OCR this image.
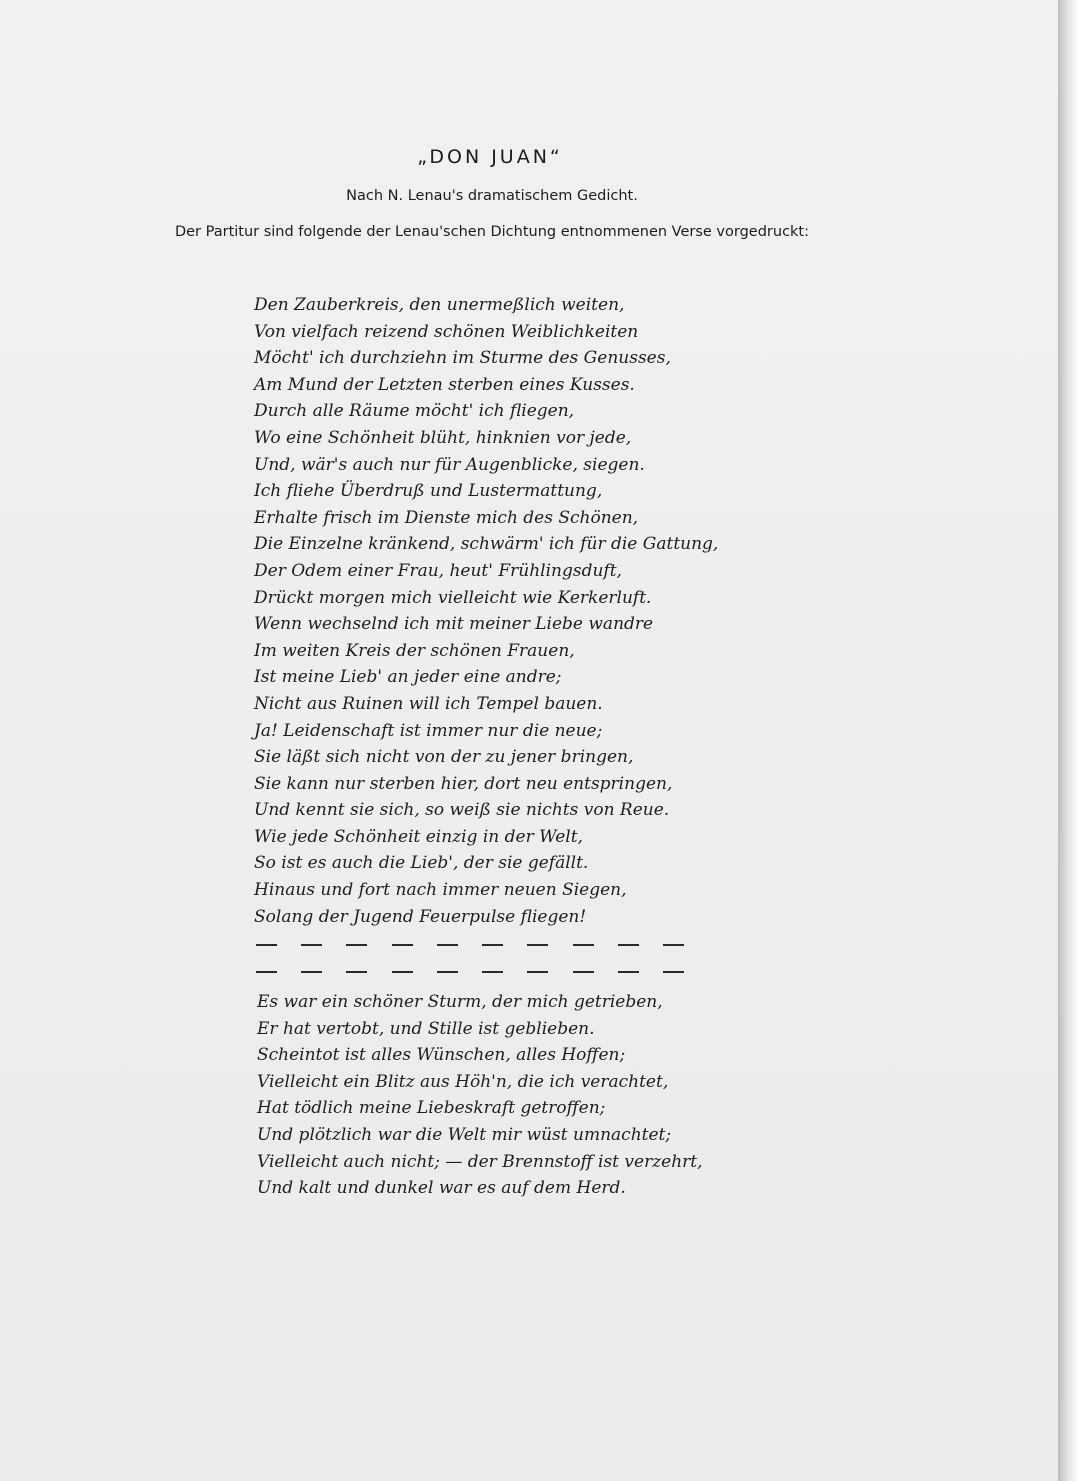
„DON JUAN“
Nach N. Lenau's dramatischem Gedicht.
Der Partitur sind folgende der Lenau'schen Dichtung entnommenen Verse vorgedruckt:
Den Zauberkreis, den unermeßlich weiten,
Von vielfach reizend schönen Weiblichkeiten
Möcht' ich durchziehn im Sturme des Genusses,
Am Mund der Letzten sterben eines Kusses.
Durch alle Räume möcht' ich fliegen,
Wo eine Schönheit blüht, hinknien vor jede,
Und, wär's auch nur für Augenblicke, siegen.
Ich fliehe Überdruß und Lustermattung,
Erhalte frisch im Dienste mich des Schönen,
Die Einzelne kränkend, schwärm' ich für die Gattung,
Der Odem einer Frau, heut' Frühlingsduft,
Drückt morgen mich vielleicht wie Kerkerluft.
Wenn wechselnd ich mit meiner Liebe wandre
Im weiten Kreis der schönen Frauen,
Ist meine Lieb' an jeder eine andre;
Nicht aus Ruinen will ich Tempel bauen.
Ja! Leidenschaft ist immer nur die neue;
Sie läßt sich nicht von der zu jener bringen,
Sie kann nur sterben hier, dort neu entspringen,
Und kennt sie sich, so weiß sie nichts von Reue.
Wie jede Schönheit einzig in der Welt,
So ist es auch die Lieb', der sie gefällt.
Hinaus und fort nach immer neuen Siegen,
Solang der Jugend Feuerpulse fliegen!
Es war ein schöner Sturm, der mich getrieben,
Er hat vertobt, und Stille ist geblieben.
Scheintot ist alles Wünschen, alles Hoffen;
Vielleicht ein Blitz aus Höh'n, die ich verachtet,
Hat tödlich meine Liebeskraft getroffen;
Und plötzlich war die Welt mir wüst umnachtet;
Vielleicht auch nicht; — der Brennstoff ist verzehrt,
Und kalt und dunkel war es auf dem Herd.
